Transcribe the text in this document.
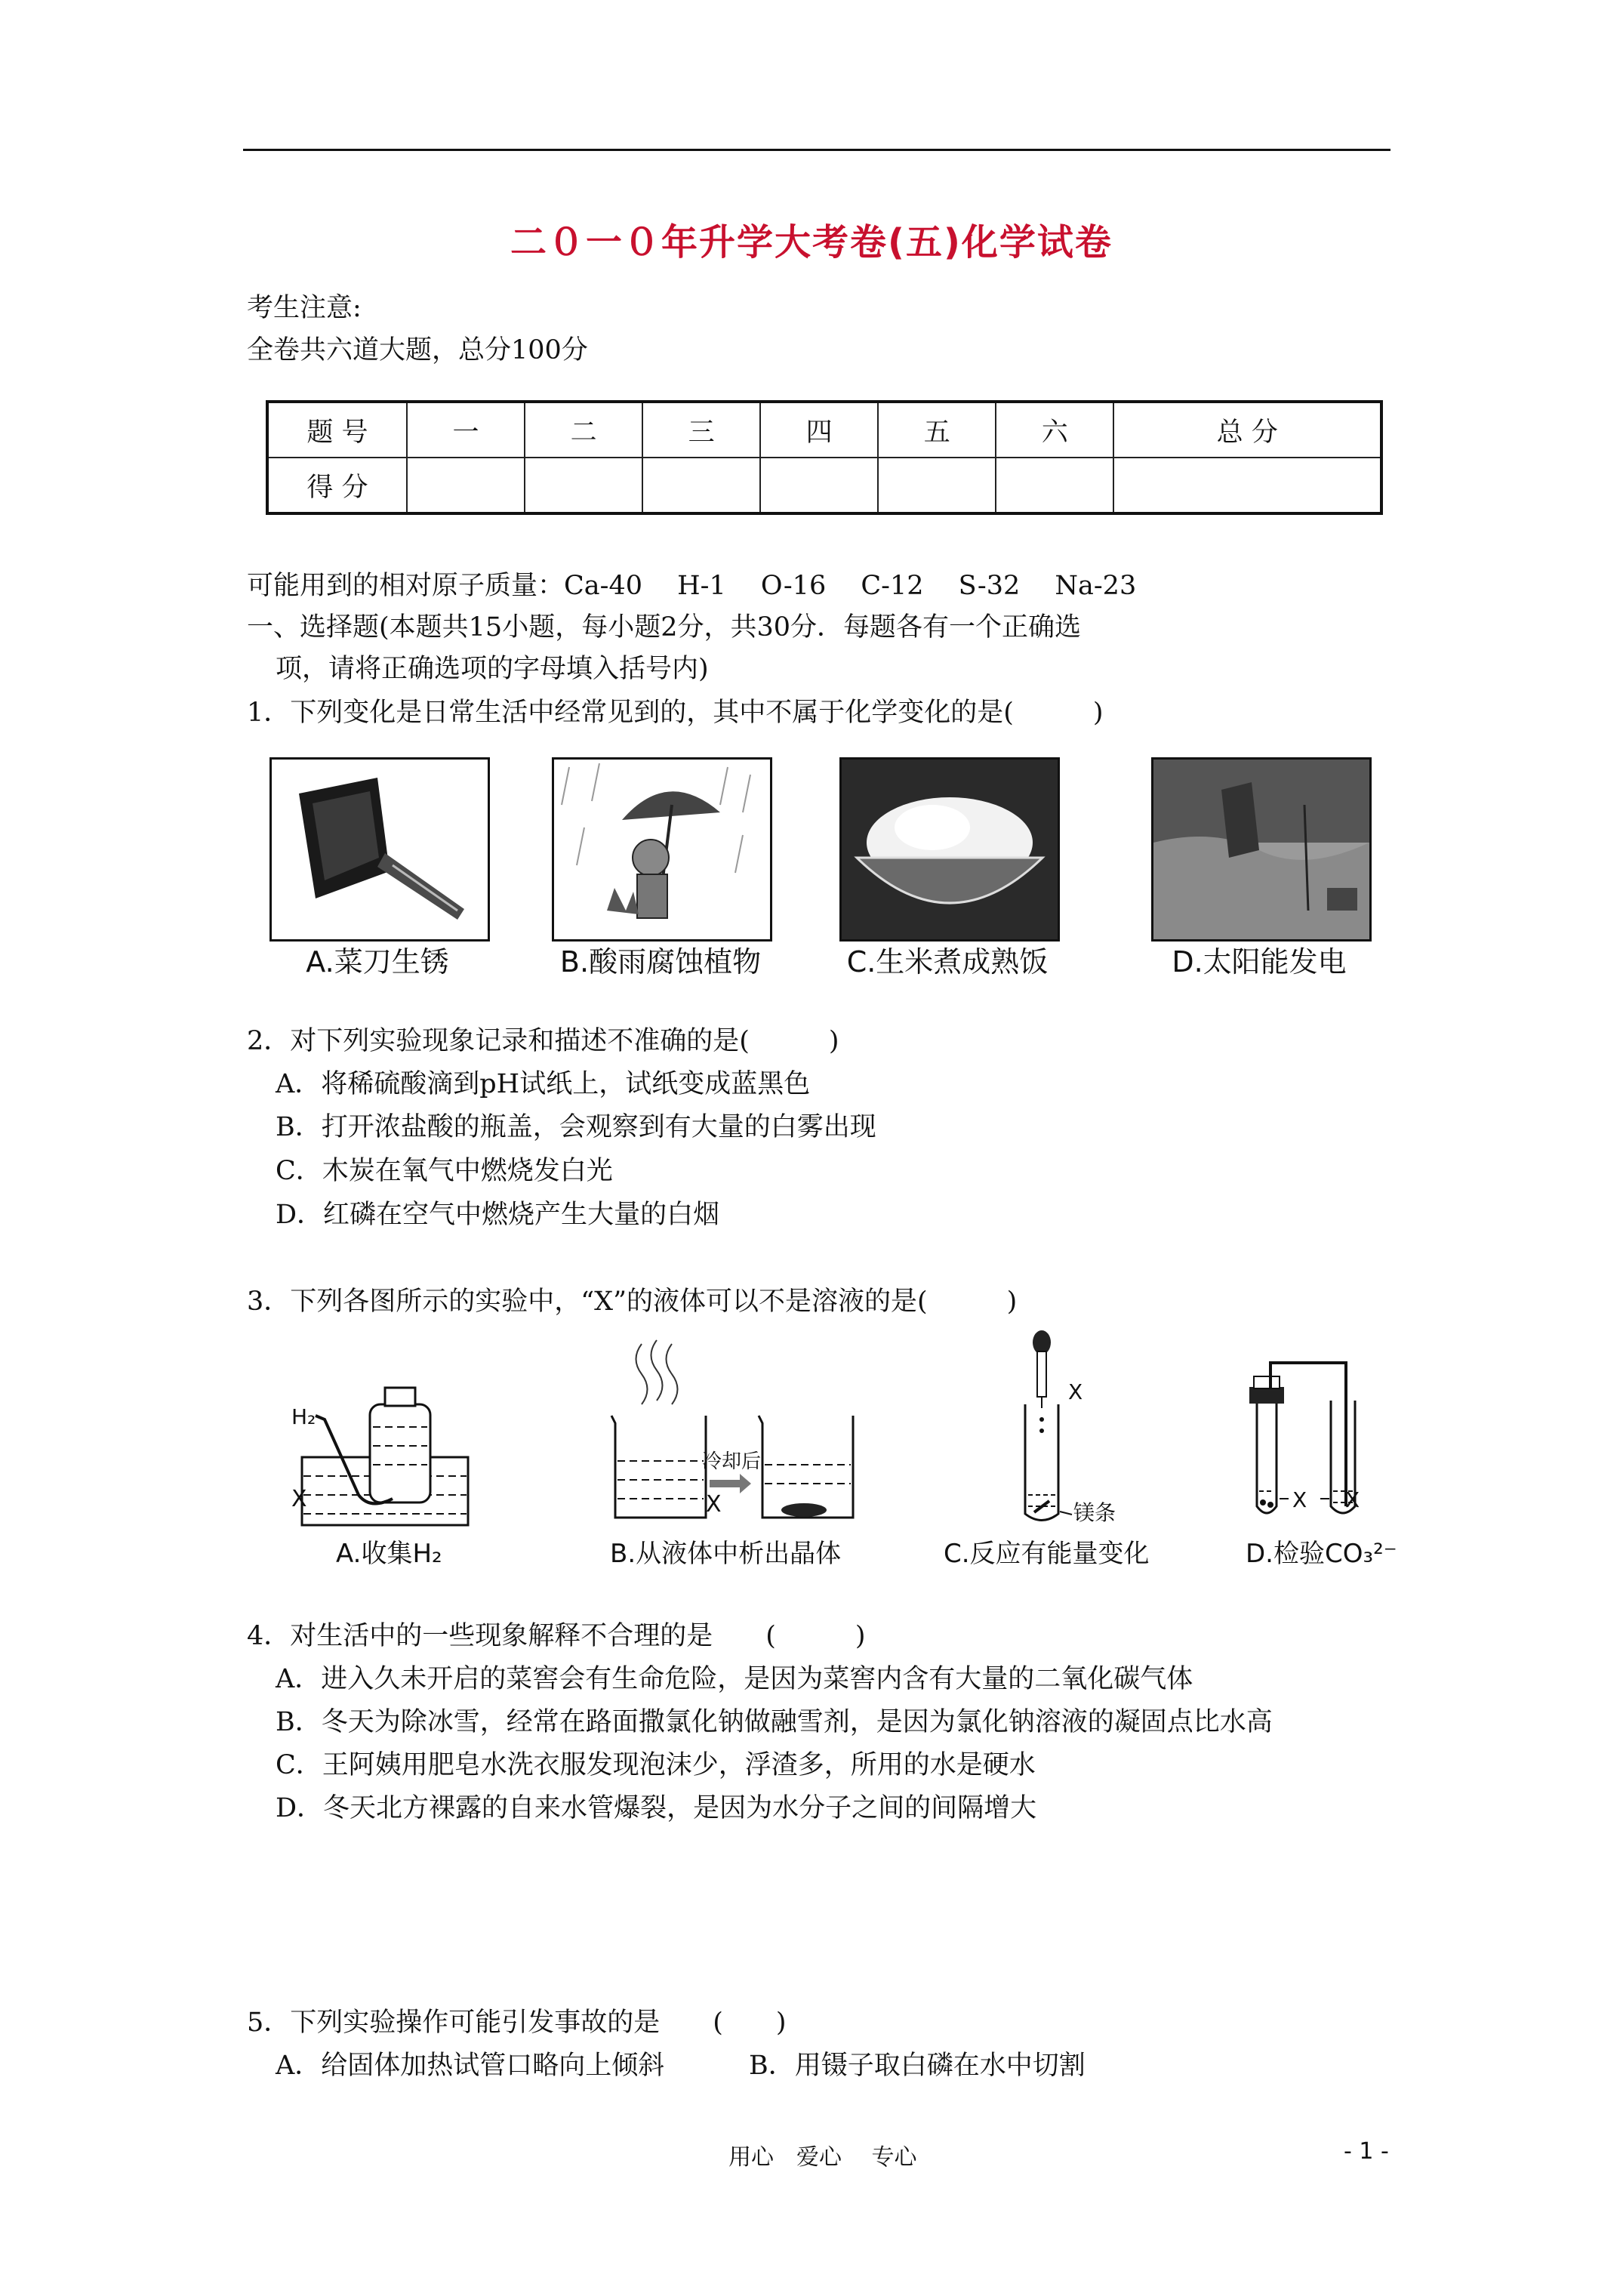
二０一０年升学大考卷(五)化学试卷
考生注意:
全卷共六道大题，总分100分
题 号	一	二	三	四	五	六	总 分
得 分							
可能用到的相对原子质量：Ca-40　 H-1　 O-16　 C-12　 S-32　 Na-23
一、选择题(本题共15小题，每小题2分，共30分．每题各有一个正确选
项，请将正确选项的字母填入括号内)
1．下列变化是日常生活中经常见到的，其中不属于化学变化的是(　　　)
A.菜刀生锈	B.酸雨腐蚀植物	C.生米煮成熟饭	D.太阳能发电
2．对下列实验现象记录和描述不准确的是(　　　)
A．将稀硫酸滴到pH试纸上，试纸变成蓝黑色
B．打开浓盐酸的瓶盖，会观察到有大量的白雾出现
C．木炭在氧气中燃烧发白光
D．红磷在空气中燃烧产生大量的白烟
3．下列各图所示的实验中，“X”的液体可以不是溶液的是(　　　)
H₂
X
A.收集H₂
冷却后
X
B.从液体中析出晶体
X
镁条
C.反应有能量变化
X X
D.检验CO₃²⁻
4．对生活中的一些现象解释不合理的是　　(　　　)
A．进入久未开启的菜窖会有生命危险，是因为菜窖内含有大量的二氧化碳气体
B．冬天为除冰雪，经常在路面撒氯化钠做融雪剂，是因为氯化钠溶液的凝固点比水高
C．王阿姨用肥皂水洗衣服发现泡沫少，浮渣多，所用的水是硬水
D．冬天北方裸露的自来水管爆裂，是因为水分子之间的间隔增大
5．下列实验操作可能引发事故的是　　(　　)
A．给固体加热试管口略向上倾斜	B．用镊子取白磷在水中切割
用心　爱心　 专心	- 1 -
